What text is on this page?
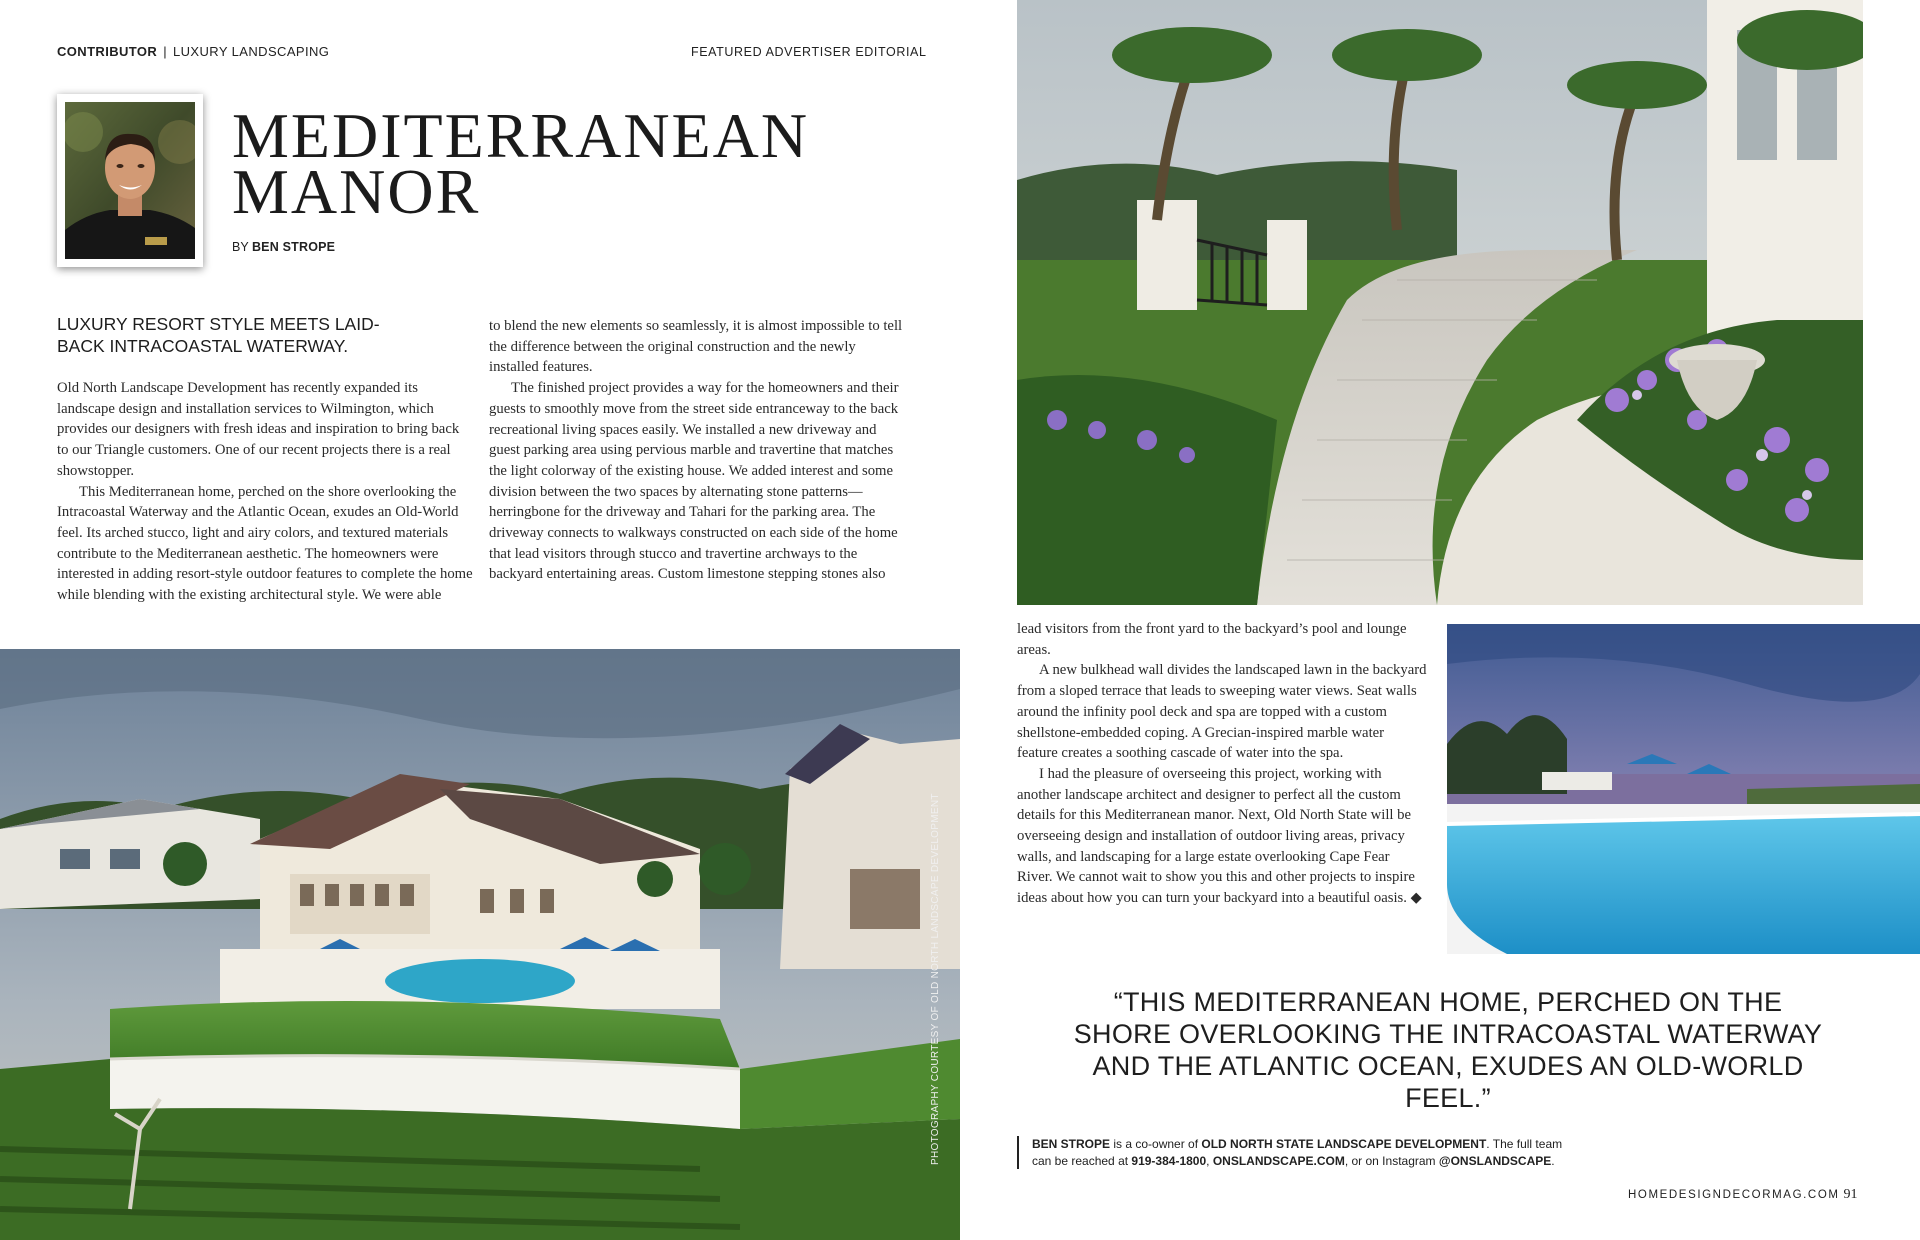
CONTRIBUTOR | LUXURY LANDSCAPING	FEATURED ADVERTISER EDITORIAL
MEDITERRANEAN
MANOR
BY BEN STROPE
LUXURY RESORT STYLE MEETS LAID-BACK INTRACOASTAL WATERWAY.

Old North Landscape Development has recently expanded its landscape design and installation services to Wilmington, which provides our designers with fresh ideas and inspiration to bring back to our Triangle customers. One of our recent projects there is a real showstopper.

This Mediterranean home, perched on the shore overlooking the Intracoastal Waterway and the Atlantic Ocean, exudes an Old-World feel. Its arched stucco, light and airy colors, and textured materials contribute to the Mediterranean aesthetic. The homeowners were interested in adding resort-style outdoor features to complete the home while blending with the existing architectural style. We were able

to blend the new elements so seamlessly, it is almost impossible to tell the difference between the original construction and the newly installed features.

The finished project provides a way for the homeowners and their guests to smoothly move from the street side entranceway to the back recreational living spaces easily. We installed a new driveway and guest parking area using pervious marble and travertine that matches the light colorway of the existing house. We added interest and some division between the two spaces by alternating stone patterns—herringbone for the driveway and Tahari for the parking area. The driveway connects to walkways constructed on each side of the home that lead visitors through stucco and travertine archways to the backyard entertaining areas. Custom limestone stepping stones also

lead visitors from the front yard to the backyard’s pool and lounge areas.

A new bulkhead wall divides the landscaped lawn in the backyard from a sloped terrace that leads to sweeping water views. Seat walls around the infinity pool deck and spa are topped with a custom shellstone-embedded coping. A Grecian-inspired marble water feature creates a soothing cascade of water into the spa.

I had the pleasure of overseeing this project, working with another landscape architect and designer to perfect all the custom details for this Mediterranean manor. Next, Old North State will be overseeing design and installation of outdoor living areas, privacy walls, and landscaping for a large estate overlooking Cape Fear River. We cannot wait to show you this and other projects to inspire ideas about how you can turn your backyard into a beautiful oasis. ◆

PHOTOGRAPHY COURTESY OF OLD NORTH LANDSCAPE DEVELOPMENT	“THIS MEDITERRANEAN HOME, PERCHED ON THE SHORE OVERLOOKING THE INTRACOASTAL WATERWAY AND THE ATLANTIC OCEAN, EXUDES AN OLD-WORLD FEEL.”
BEN STROPE is a co-owner of OLD NORTH STATE LANDSCAPE DEVELOPMENT. The full team
can be reached at 919-384-1800, ONSLANDSCAPE.COM, or on Instagram @ONSLANDSCAPE.
HOMEDESIGNDECORMAG.COM 91
